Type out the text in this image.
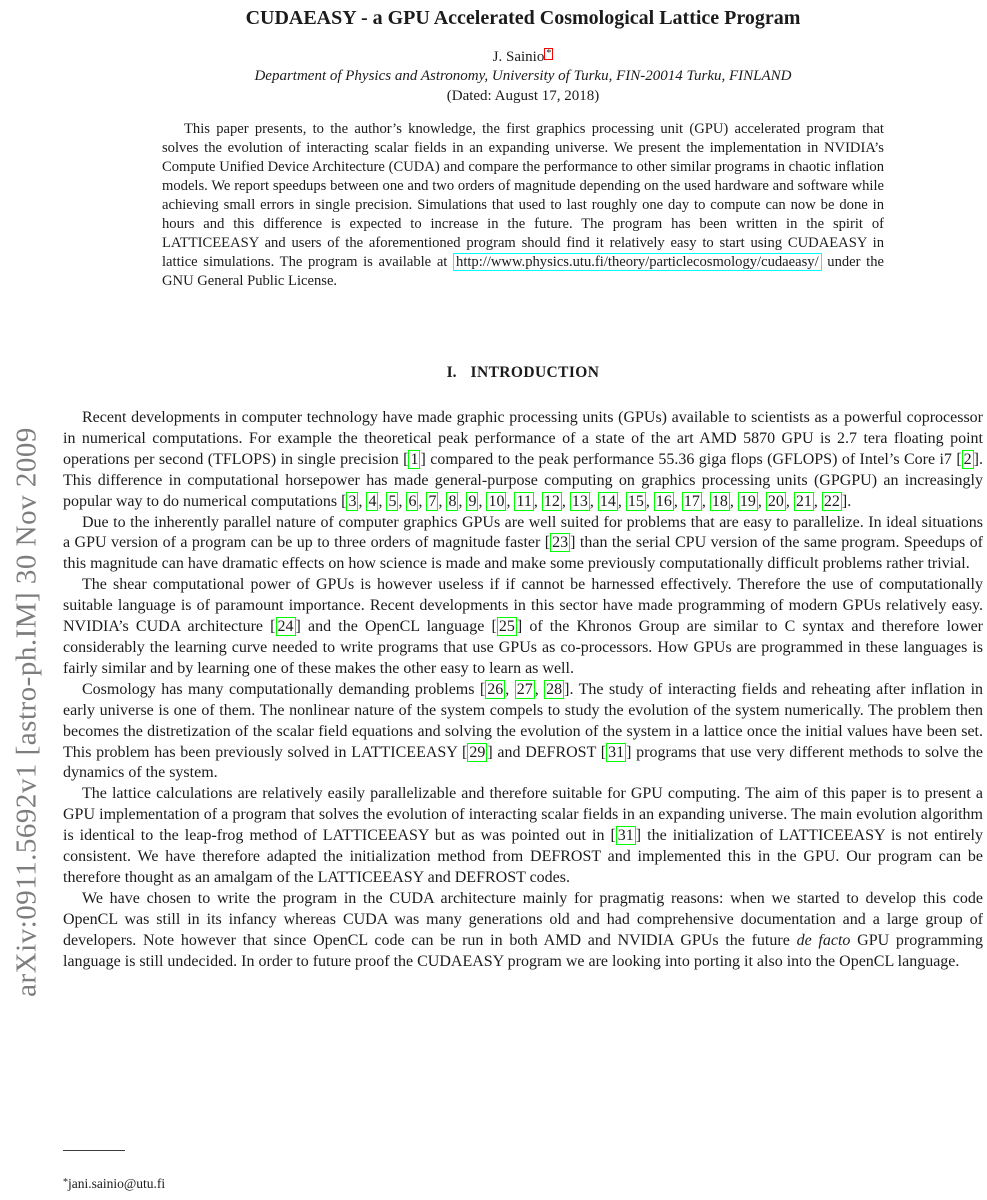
arXiv:0911.5692v1 [astro-ph.IM] 30 Nov 2009
CUDAEASY - a GPU Accelerated Cosmological Lattice Program
J. Sainio *
Department of Physics and Astronomy, University of Turku, FIN-20014 Turku, FINLAND
(Dated: August 17, 2018)
This paper presents, to the author’s knowledge, the first graphics processing unit (GPU) accelerated program that solves the evolution of interacting scalar fields in an expanding universe. We present the implementation in NVIDIA’s Compute Unified Device Architecture (CUDA) and compare the performance to other similar programs in chaotic inflation models. We report speedups between one and two orders of magnitude depending on the used hardware and software while achieving small errors in single precision. Simulations that used to last roughly one day to compute can now be done in hours and this difference is expected to increase in the future. The program has been written in the spirit of LATTICEEASY and users of the aforementioned program should find it relatively easy to start using CUDAEASY in lattice simulations. The program is available at http://www.physics.utu.fi/theory/particlecosmology/cudaeasy/ under the GNU General Public License.
I. INTRODUCTION

Recent developments in computer technology have made graphic processing units (GPUs) available to scientists as a powerful coprocessor in numerical computations. For example the theoretical peak performance of a state of the art AMD 5870 GPU is 2.7 tera floating point operations per second (TFLOPS) in single precision [ 1 ] compared to the peak performance 55.36 giga flops (GFLOPS) of Intel’s Core i7 [ 2 ]. This difference in computational horsepower has made general-purpose computing on graphics processing units (GPGPU) an increasingly popular way to do numerical computations [ 3 , 4 , 5 , 6 , 7 , 8 , 9 , 10 , 11 , 12 , 13 , 14 , 15 , 16 , 17 , 18 , 19 , 20 , 21 , 22 ].

Due to the inherently parallel nature of computer graphics GPUs are well suited for problems that are easy to parallelize. In ideal situations a GPU version of a program can be up to three orders of magnitude faster [ 23 ] than the serial CPU version of the same program. Speedups of this magnitude can have dramatic effects on how science is made and make some previously computationally difficult problems rather trivial.

The shear computational power of GPUs is however useless if if cannot be harnessed effectively. Therefore the use of computationally suitable language is of paramount importance. Recent developments in this sector have made programming of modern GPUs relatively easy. NVIDIA’s CUDA architecture [ 24 ] and the OpenCL language [ 25 ] of the Khronos Group are similar to C syntax and therefore lower considerably the learning curve needed to write programs that use GPUs as co-processors. How GPUs are programmed in these languages is fairly similar and by learning one of these makes the other easy to learn as well.

Cosmology has many computationally demanding problems [ 26 , 27 , 28 ]. The study of interacting fields and reheating after inflation in early universe is one of them. The nonlinear nature of the system compels to study the evolution of the system numerically. The problem then becomes the distretization of the scalar field equations and solving the evolution of the system in a lattice once the initial values have been set. This problem has been previously solved in LATTICEEASY [ 29 ] and DEFROST [ 31 ] programs that use very different methods to solve the dynamics of the system.

The lattice calculations are relatively easily parallelizable and therefore suitable for GPU computing. The aim of this paper is to present a GPU implementation of a program that solves the evolution of interacting scalar fields in an expanding universe. The main evolution algorithm is identical to the leap-frog method of LATTICEEASY but as was pointed out in [ 31 ] the initialization of LATTICEEASY is not entirely consistent. We have therefore adapted the initialization method from DEFROST and implemented this in the GPU. Our program can be therefore thought as an amalgam of the LATTICEEASY and DEFROST codes.

We have chosen to write the program in the CUDA architecture mainly for pragmatig reasons: when we started to develop this code OpenCL was still in its infancy whereas CUDA was many generations old and had comprehensive documentation and a large group of developers. Note however that since OpenCL code can be run in both AMD and NVIDIA GPUs the future de facto GPU programming language is still undecided. In order to future proof the CUDAEASY program we are looking into porting it also into the OpenCL language.

*jani.sainio@utu.fi
